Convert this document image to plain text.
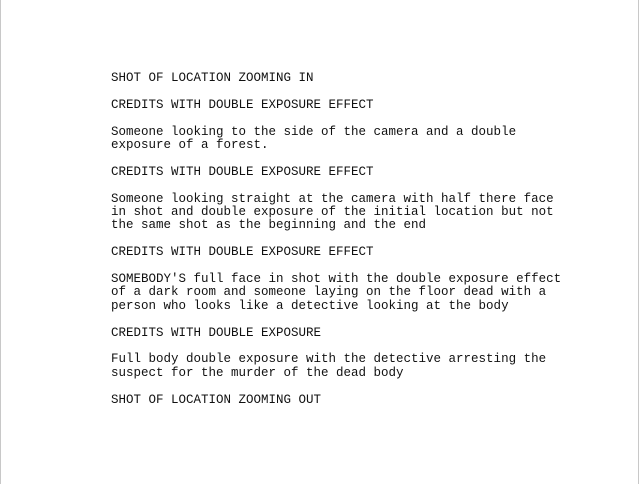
SHOT OF LOCATION ZOOMING IN
CREDITS WITH DOUBLE EXPOSURE EFFECT
Someone looking to the side of the camera and a double
exposure of a forest.
CREDITS WITH DOUBLE EXPOSURE EFFECT
Someone looking straight at the camera with half there face
in shot and double exposure of the initial location but not
the same shot as the beginning and the end
CREDITS WITH DOUBLE EXPOSURE EFFECT
SOMEBODY'S full face in shot with the double exposure effect
of a dark room and someone laying on the floor dead with a
person who looks like a detective looking at the body
CREDITS WITH DOUBLE EXPOSURE
Full body double exposure with the detective arresting the
suspect for the murder of the dead body
SHOT OF LOCATION ZOOMING OUT
